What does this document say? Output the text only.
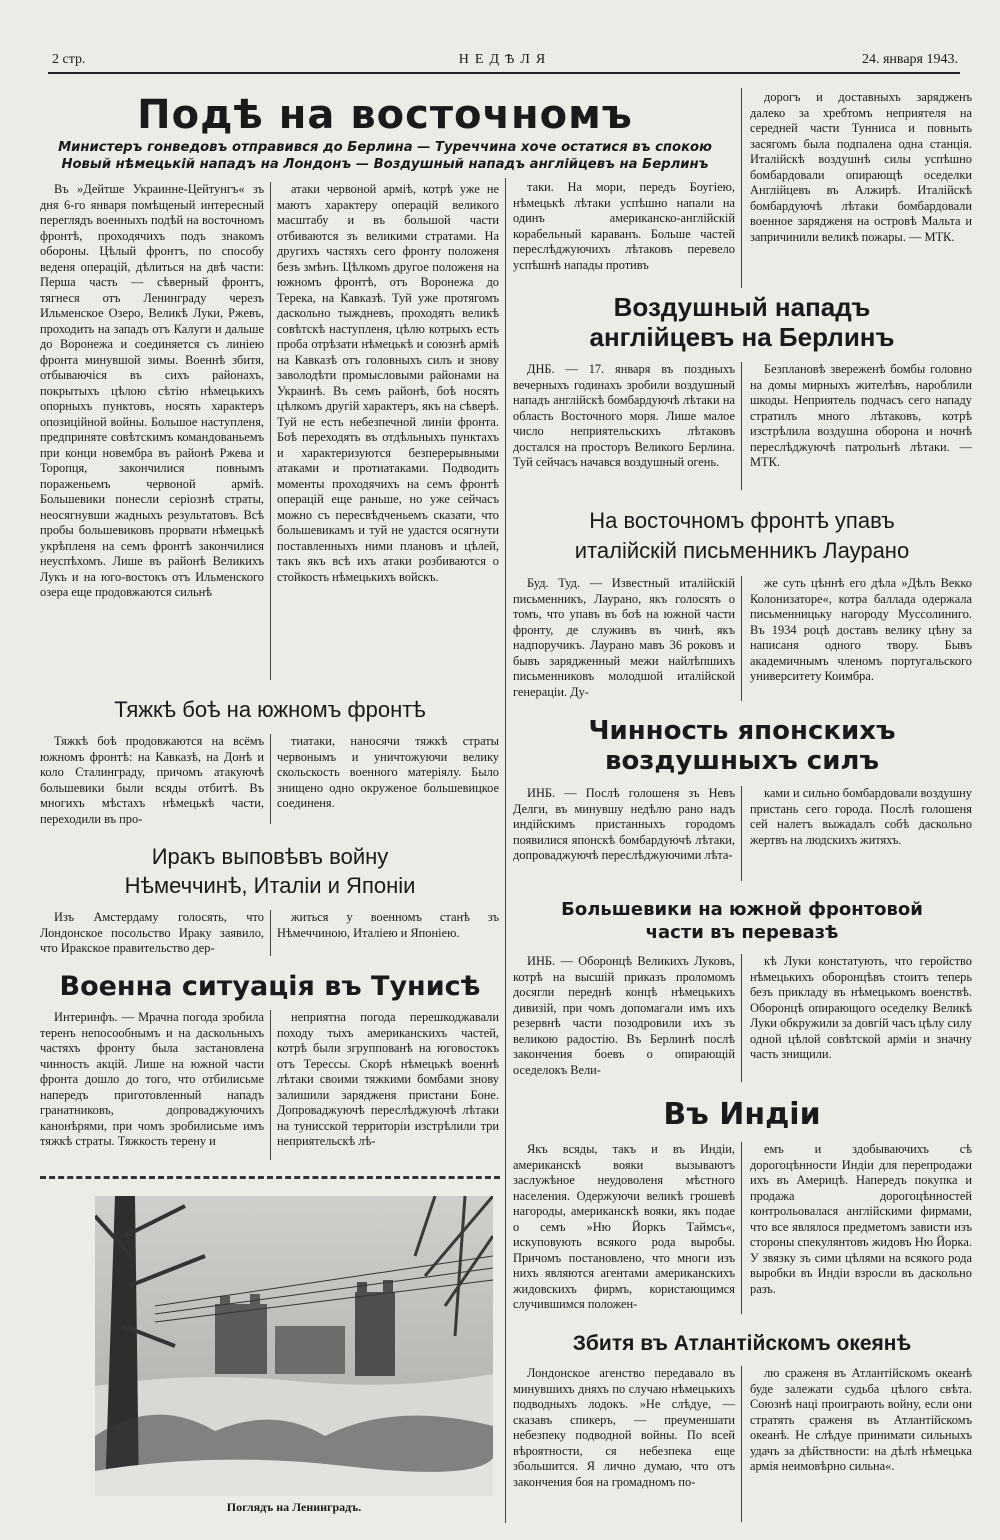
2 стр.	НЕДѢЛЯ	24. января 1943.
Подѣ на восточномъ
Министеръ гонведовъ отправився до Берлина — Туреччина хоче остатися въ спокою
Новый нѣмецькій нападъ на Лондонъ — Воздушный нападъ англійцевъ на Берлинъ

Въ »Дейтше Украинне-Цейтунгъ« зъ дня 6-го января помѣщеный интересный переглядъ военныхъ подѣй на восточномъ фронтѣ, проходячихъ подъ знакомъ обороны. Цѣлый фронтъ, по способу веденя операцій, дѣлиться на двѣ части: Перша часть — сѣверный фронтъ, тягнеся отъ Ленинграду черезъ Ильменское Озеро, Великѣ Луки, Ржевъ, проходить на западъ отъ Калуги и дальше до Воронежа и соединяется съ линіею фронта минувшой зимы. Военнѣ збитя, отбываючіся въ сихъ районахъ, покрытыхъ цѣлою сѣтію нѣмецькихъ опорныхъ пунктовъ, носять характеръ опозиційной войны. Большое наступленя, предприняте совѣтскимъ командованьемъ при конци новембра въ районѣ Ржева и Торопця, закончилися повнымъ пораженьемъ червоной арміѣ. Большевики понесли серіознѣ страты, неосягнувши жадныхъ результатовъ. Всѣ пробы большевиковъ прорвати нѣмецькѣ укрѣпленя на семъ фронтѣ закончилися неуспѣхомъ. Лише въ районѣ Великихъ Лукъ и на юго-востокъ отъ Ильменского озера еще продовжаются сильнѣ

атаки червоной арміѣ, котрѣ уже не маютъ характеру операцій великого масштабу и въ большой части отбиваются зъ великими стратами. На другихъ частяхъ сего фронту положеня безъ змѣнъ. Цѣлкомъ другое положеня на южномъ фронтѣ, отъ Воронежа до Терека, на Кавказѣ. Туй уже протягомъ даскольно тыждневъ, проходять великѣ совѣтскѣ наступленя, цѣлю котрыхъ есть проба отрѣзати нѣмецькѣ и союзнѣ арміѣ на Кавказѣ отъ головныхъ силъ и знову заволодѣти промысловыми районами на Украинѣ. Въ семъ районѣ, боѣ носять цѣлкомъ другій характеръ, якъ на сѣверѣ. Туй не есть небезпечной линіи фронта. Боѣ переходять въ отдѣльныхъ пунктахъ и характеризуются безперерывными атаками и протиатаками. Подводить моменты проходячихъ на семъ фронтѣ операцій еще раньше, но уже сейчасъ можно съ пересвѣдченьемъ сказати, что большевикамъ и туй не удастся осягнути поставленныхъ ними плановъ и цѣлей, такъ якъ всѣ ихъ атаки розбиваются о стойкость нѣмецькихъ войскъ.

таки. На мори, передъ Боугіею, нѣмецькѣ лѣтаки успѣшно напали на одинъ американско-англійскій корабельный караванъ. Больше частей переслѣджуючихъ лѣтаковъ перевело успѣшнѣ напады противъ

дорогъ и доставныхъ зарядженъ далеко за хребтомъ неприятеля на середней части Тунниса и повныть засягомъ была подпалена одна станція. Италійскѣ воздушнѣ силы успѣшно бомбардовали опирающѣ оседелки Англійцевъ въ Алжирѣ. Италійскѣ бомбардуючѣ лѣтаки бомбардовали военное зарядженя на островѣ Мальта и запричинили великѣ пожары. — МТК.

Воздушный нападъ
англійцевъ на Берлинъ

ДНБ. — 17. января въ поздныхъ вечерныхъ годинахъ зробили воздушный нападъ англійскѣ бомбардуючѣ лѣтаки на область Восточного моря. Лише малое число неприятельскихъ лѣтаковъ достался на просторъ Великого Берлина. Туй сейчасъ начався воздушный огень.

Безплановѣ звереженѣ бомбы головно на домы мирныхъ жителѣвъ, нароблили шкоды. Неприятель подчасъ сего нападу стратилъ много лѣтаковъ, котрѣ изстрѣлила воздушна оборона и ночнѣ переслѣджуючѣ патрольнѣ лѣтаки. — МТК.

На восточномъ фронтѣ упавъ
италійскій письменникъ Лаурано

Буд. Туд. — Известный италійскій письменникъ, Лаурано, якъ голосять о томъ, что упавъ въ боѣ на южной части фронту, де служивъ въ чинѣ, якъ надпоручикъ. Лаурано мавъ 36 роковъ и бывъ зарядженный межи найлѣпшихъ письменниковъ молодшой италійской генераціи. Ду-

же суть цѣннѣ его дѣла »Дѣлъ Векко Колонизаторе«, котра баллада одержала письменницьку нагороду Муссолиниго. Въ 1934 роцѣ доставъ велику цѣну за написаня одного твору. Бывъ академичнымъ членомъ португальского университету Коимбра.

Чинность японскихъ
воздушныхъ силъ

ИНБ. — Послѣ голошеня зъ Невъ Делги, въ минувшу недѣлю рано надъ индійскимъ пристанныхъ городомъ появилися японскѣ бомбардуючѣ лѣтаки, допроваджуючѣ переслѣджуючими лѣта-

ками и сильно бомбардовали воздушну пристань сего города. Послѣ голошеня сей налетъ выжадалъ собѣ даскольно жертвъ на людскихъ житяхъ.

Большевики на южной фронтовой
части въ перевазѣ

ИНБ. — Оборонцѣ Великихъ Луковъ, котрѣ на высшій приказъ проломомъ досягли переднѣ концѣ нѣмецькихъ дивизій, при чомъ допомагали имъ ихъ резервнѣ части позодровили ихъ зъ великою радостію. Въ Берлинѣ послѣ закончения боевъ о опирающій оседелокъ Вели-

кѣ Луки констатують, что геройство нѣмецькихъ оборонцѣвъ стоитъ теперь безъ прикладу въ нѣмецькомъ военствѣ. Оборонцѣ опирающого оседелку Великѣ Луки обкружили за довгій часъ цѣлу силу одной цѣлой совѣтской арміи и значну часть знищили.

Въ Индіи

Якъ всяды, такъ и въ Индіи, американскѣ вояки вызываютъ заслужѣное неудоволеня мѣстного населения. Одержуючи великѣ грошевѣ нагороды, американскѣ вояки, якъ подае о семъ »Ню Йоркъ Таймсъ«, искуповують всякого рода выробы. Причомъ постановлено, что многи изъ нихъ являются агентами американскихъ жидовскихъ фирмъ, користающимся случившимся положен-

емъ и здобываючихъ сѣ дорогоцѣнности Индіи для перепродажи ихъ въ Америцѣ. Напередъ покупка и продажа дорогоцѣнностей контрольовалася англійскими фирмами, что все являлося предметомъ зависти изъ стороны спекулянтовъ жидовъ Ню Йорка. У звязку зъ сими цѣлями на всякого рода выробки въ Индіи взросли въ даскольно разъ.

Збитя въ Атлантійскомъ океянѣ

Лондонское агенство передавало въ минувшихъ дняхъ по случаю нѣмецькихъ подводныхъ лодокъ. »Не слѣдуе, — сказавъ спикеръ, — преуменшати небезпеку подводной войны. По всей вѣроятности, ся небезпека еще збольшится. Я лично думаю, что отъ закончения боя на громадномъ по-

лю сраженя въ Атлантійскомъ океанѣ буде залежати судьба цѣлого свѣта. Союзнѣ наці проиграють войну, если они стратять сраженя въ Атлантійскомъ океанѣ. Не слѣдуе принимати сильныхъ удачъ за дѣйствности: на дѣлѣ нѣмецька армія неимовѣрно сильна«.

Тяжкѣ боѣ на южномъ фронтѣ

Тяжкѣ боѣ продовжаются на всёмъ южномъ фронтѣ: на Кавказѣ, на Донѣ и коло Сталинграду, причомъ атакуючѣ большевики были всяды отбитѣ. Въ многихъ мѣстахъ нѣмецькѣ части, переходили въ про-

тиатаки, наносячи тяжкѣ страты червонымъ и уничтожуючи велику скольскость военного матеріялу. Было знищено одно окруженое большевицкое соединеня.

Иракъ выповѣвъ войну
Нѣмеччинѣ, Италіи и Японіи

Изъ Амстердаму голосять, что Лондонское посольство Ираку заявило, что Иракское правительство дер-

житься у военномъ станѣ зъ Нѣмеччиною, Италіею и Японіею.

Военна ситуація въ Тунисѣ

Интеринфъ. — Мрачна погода зробила теренъ непосообнымъ и на даскольныхъ частяхъ фронту была застановлена чинность акцій. Лише на южной части фронта дошло до того, что отбилисьме напередъ приготовленный нападъ гранатниковъ, допроваджуючихъ канонѣрями, при чомъ зробилисьме имъ тяжкѣ страты. Тяжкость терену и

неприятна погода перешкоджавали походу тыхъ американскихъ частей, котрѣ были згруппованѣ на юговостокъ отъ Тересcы. Скорѣ нѣмецькѣ военнѣ лѣтаки своими тяжкими бомбами знову залишили зарядженя пристани Боне. Допроваджуючѣ переслѣджуючѣ лѣтаки на тунисской территоріи изстрѣлили три неприятельскѣ лѣ-

Поглядъ на Ленинградъ.
